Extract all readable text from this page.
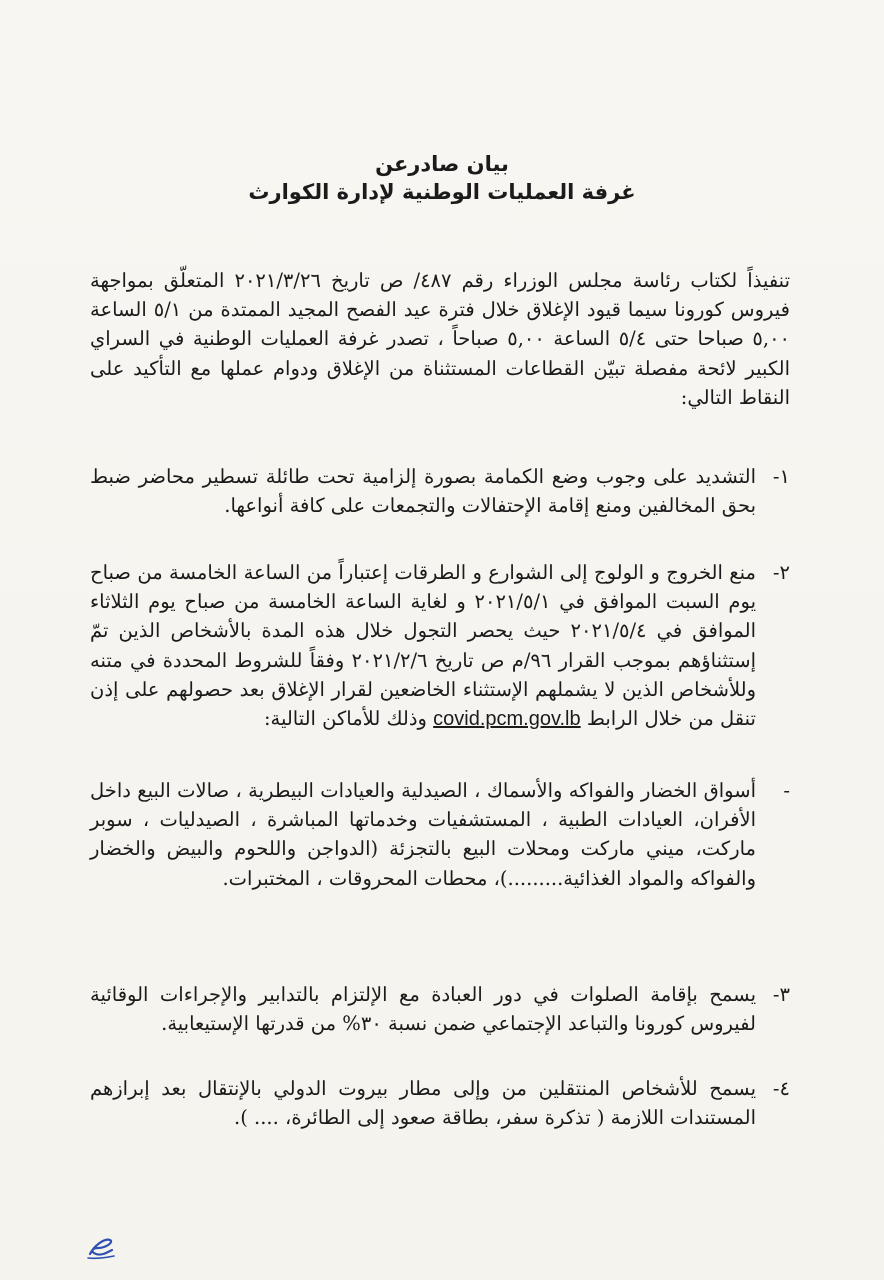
بيان صادرعن
غرفة العمليات الوطنية لإدارة الكوارث
تنفيذاً لكتاب رئاسة مجلس الوزراء رقم ٤٨٧/ ص تاريخ ٢٠٢١/٣/٢٦ المتعلّق بمواجهة فيروس كورونا سيما قيود الإغلاق خلال فترة عيد الفصح المجيد الممتدة من ٥/١ الساعة ٥,٠٠ صباحا حتى ٥/٤ الساعة ٥,٠٠ صباحاً ، تصدر غرفة العمليات الوطنية في السراي الكبير لائحة مفصلة تبيّن القطاعات المستثناة من الإغلاق ودوام عملها مع التأكيد على النقاط التالي:
١-
التشديد على وجوب وضع الكمامة بصورة إلزامية تحت طائلة تسطير محاضر ضبط بحق المخالفين ومنع إقامة الإحتفالات والتجمعات على كافة أنواعها.
٢-
منع الخروج و الولوج إلى الشوارع و الطرقات إعتباراً من الساعة الخامسة من صباح يوم السبت الموافق في ٢٠٢١/٥/١ و لغاية الساعة الخامسة من صباح يوم الثلاثاء الموافق في ٢٠٢١/٥/٤ حيث يحصر التجول خلال هذه المدة بالأشخاص الذين تمّ إستثناؤهم بموجب القرار ٩٦/م ص تاريخ ٢٠٢١/٢/٦ وفقاً للشروط المحددة في متنه وللأشخاص الذين لا يشملهم الإستثناء الخاضعين لقرار الإغلاق بعد حصولهم على إذن تنقل من خلال الرابط covid.pcm.gov.lb وذلك للأماكن التالية:
-
أسواق الخضار والفواكه والأسماك ، الصيدلية والعيادات البيطرية ، صالات البيع داخل الأفران، العيادات الطبية ، المستشفيات وخدماتها المباشرة ، الصيدليات ، سوبر ماركت، ميني ماركت ومحلات البيع بالتجزئة (الدواجن واللحوم والبيض والخضار والفواكه والمواد الغذائية.........)، محطات المحروقات ، المختبرات.
٣-
يسمح بإقامة الصلوات في دور العبادة مع الإلتزام بالتدابير والإجراءات الوقائية لفيروس كورونا والتباعد الإجتماعي ضمن نسبة ٣٠% من قدرتها الإستيعابية.
٤-
يسمح للأشخاص المنتقلين من وإلى مطار بيروت الدولي بالإنتقال بعد إبرازهم المستندات اللازمة ( تذكرة سفر، بطاقة صعود إلى الطائرة، .... ).
